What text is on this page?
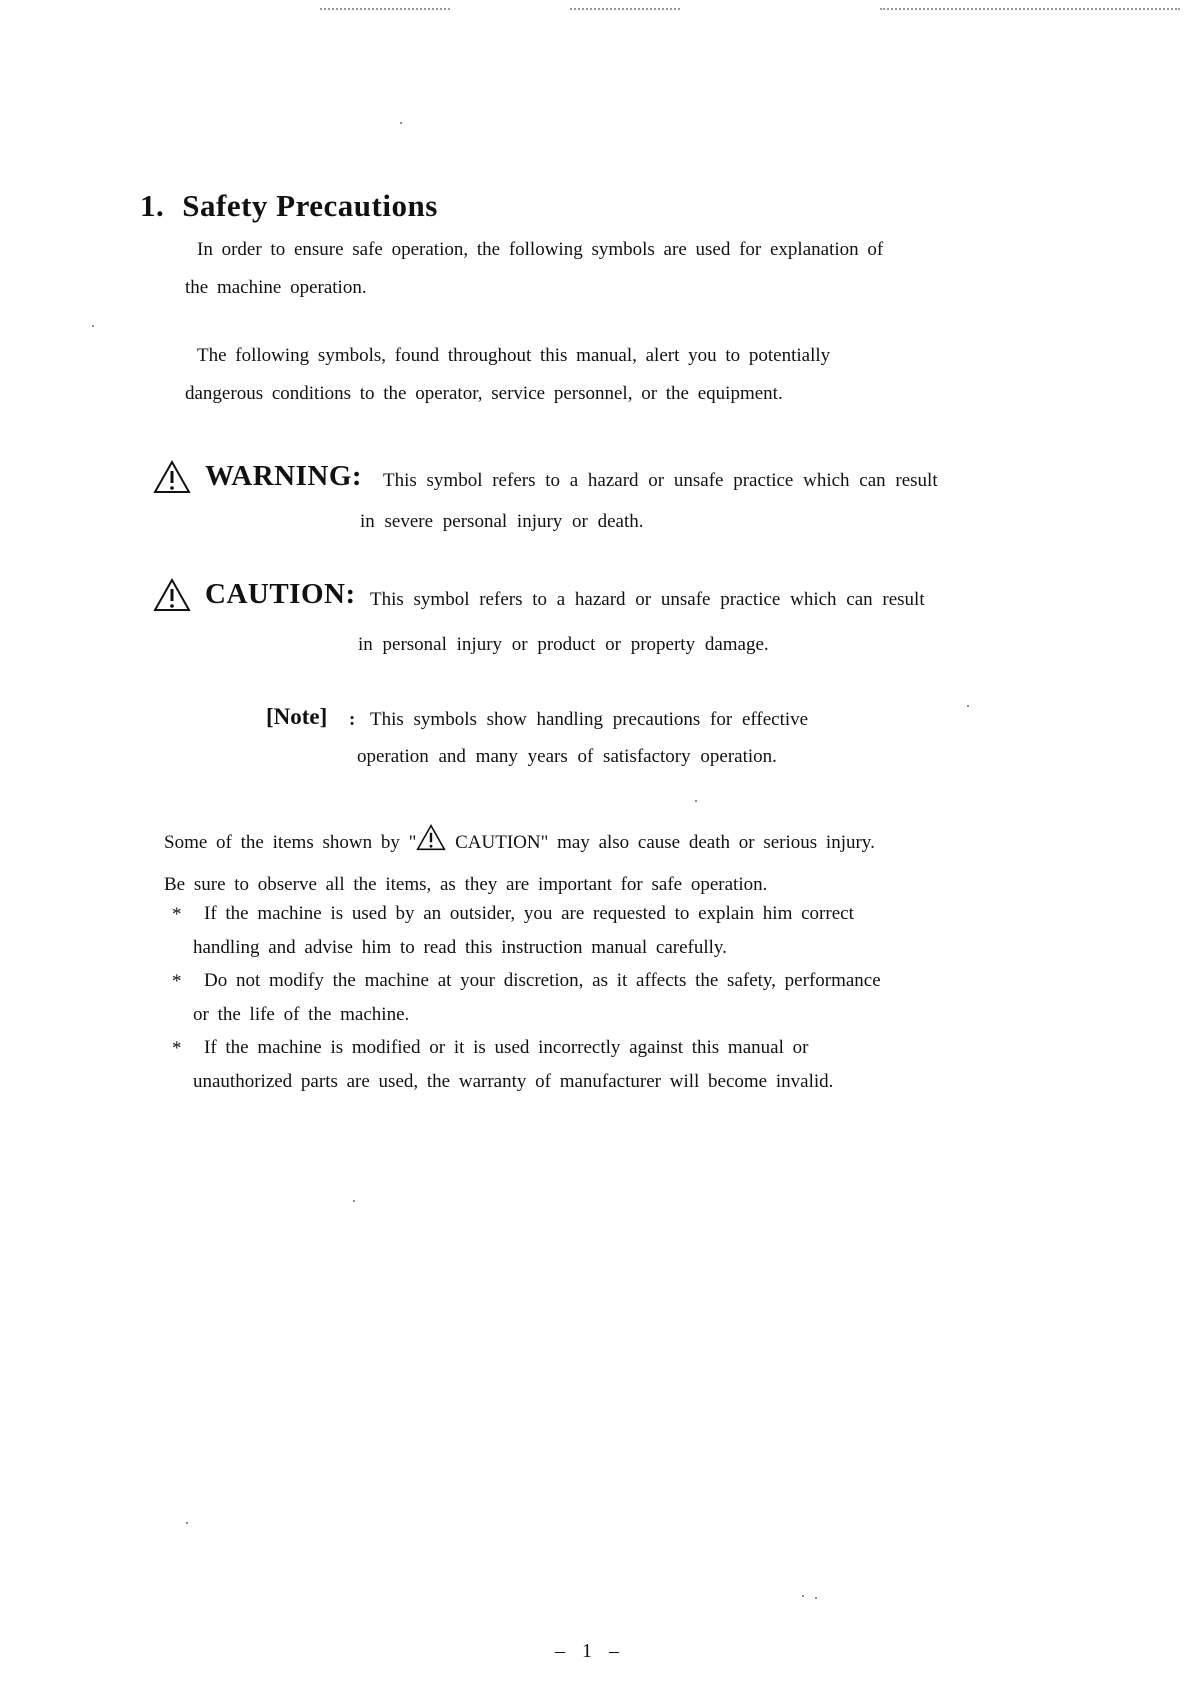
1. Safety Precautions
In order to ensure safe operation, the following symbols are used for explanation of
the machine operation.
The following symbols, found throughout this manual, alert you to potentially
dangerous conditions to the operator, service personnel, or the equipment.
WARNING: This symbol refers to a hazard or unsafe practice which can result
in severe personal injury or death.
CAUTION: This symbol refers to a hazard or unsafe practice which can result
in personal injury or product or property damage.
[Note] : This symbols show handling precautions for effective
operation and many years of satisfactory operation.
Some of the items shown by " CAUTION" may also cause death or serious injury.
Be sure to observe all the items, as they are important for safe operation.
* If the machine is used by an outsider, you are requested to explain him correct
handling and advise him to read this instruction manual carefully.
* Do not modify the machine at your discretion, as it affects the safety, performance
or the life of the machine.
* If the machine is modified or it is used incorrectly against this manual or
unauthorized parts are used, the warranty of manufacturer will become invalid.
– 1 –
